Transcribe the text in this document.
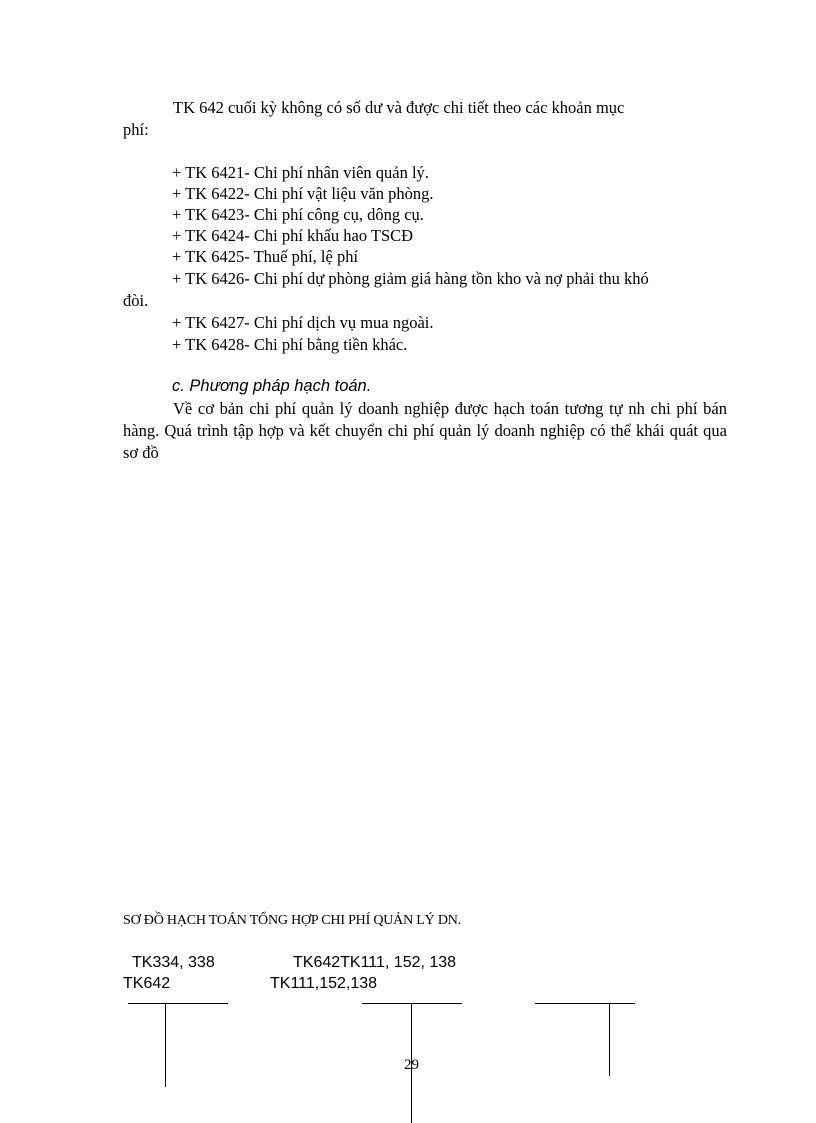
TK 642 cuối kỳ không có số dư và được chi tiết theo các khoản mục
phí:
+ TK 6421- Chi phí nhân viên quản lý.
+ TK 6422- Chi phí vật liệu văn phòng.
+ TK 6423- Chi phí công cụ, dông cụ.
+ TK 6424- Chi phí khấu hao TSCĐ
+ TK 6425- Thuế phí, lệ phí
+ TK 6426- Chi phí dự phòng giảm giá hàng tồn kho và nợ phải thu khó
đòi.
+ TK 6427- Chi phí dịch vụ mua ngoài.
+ TK 6428- Chi phí bằng tiền khác.
c. Phương pháp hạch toán.
Về cơ bản chi phí quản lý doanh nghiệp được hạch toán tương tự nh chi phí bán hàng. Quá trình tập hợp và kết chuyển chi phí quản lý doanh nghiệp có thể khái quát qua sơ đồ
SƠ ĐỒ HẠCH TOÁN TỔNG HỢP CHI PHÍ QUẢN LÝ DN.
TK334, 338	TK642TK111, 152, 138
TK642	TK111,152,138
29
